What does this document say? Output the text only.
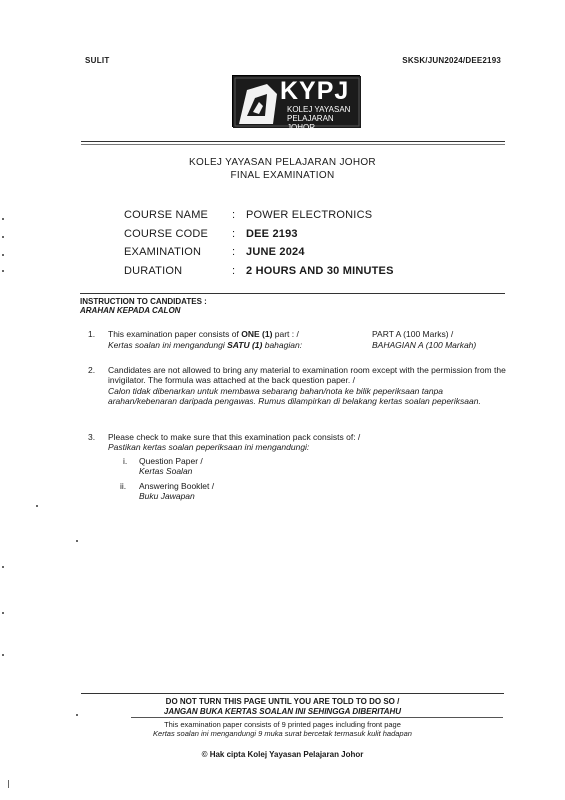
SULIT	SKSK/JUN2024/DEE2193
KYPJ
KOLEJ YAYASAN
PELAJARAN JOHOR
KOLEJ YAYASAN PELAJARAN JOHOR
FINAL EXAMINATION
COURSE NAME : POWER ELECTRONICS
COURSE CODE : DEE 2193
EXAMINATION	: JUNE 2024
DURATION	: 2 HOURS AND 30 MINUTES
INSTRUCTION TO CANDIDATES :
ARAHAN KEPADA CALON
1. This examination paper consists of ONE (1) part : /	PART A (100 Marks) /
Kertas soalan ini mengandungi SATU (1) bahagian:	BAHAGIAN A (100 Markah)
2. Candidates are not allowed to bring any material to examination room except with the permission from the invigilator. The formula was attached at the back question paper. /
Calon tidak dibenarkan untuk membawa sebarang bahan/nota ke bilik peperiksaan tanpa arahan/kebenaran daripada pengawas. Rumus dilampirkan di belakang kertas soalan peperiksaan.
3. Please check to make sure that this examination pack consists of: /
Pastikan kertas soalan peperiksaan ini mengandungi:
i. Question Paper /
Kertas Soalan
ii. Answering Booklet /
Buku Jawapan
DO NOT TURN THIS PAGE UNTIL YOU ARE TOLD TO DO SO /
JANGAN BUKA KERTAS SOALAN INI SEHINGGA DIBERITAHU
This examination paper consists of 9 printed pages including front page
Kertas soalan ini mengandungi 9 muka surat bercetak termasuk kulit hadapan
© Hak cipta Kolej Yayasan Pelajaran Johor
